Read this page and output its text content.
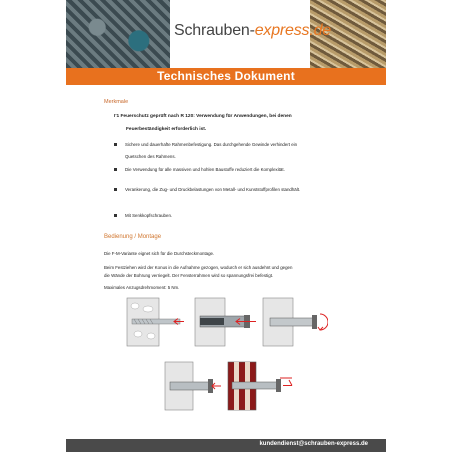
Schrauben-express.de
Technisches Dokument
Merkmale
I'1 Feuerschutz geprüft nach R 120: Verwendung für Anwendungen, bei denen
Feuerbeständigkeit erforderlich ist.
Sichere und dauerhafte Rahmenbefestigung. Das durchgehende Gewinde verhindert ein
Quetschen des Rahmens.
Die Verwendung für alle massiven und hohlen Baustoffe reduziert die Komplexität.
Verankerung, die Zug- und Druckbelastungen von Metall- und Kunststoffprofilen standhält.
Mit Senkkopfschrauben.
Bedienung / Montage
Die F-M-Variante eignet sich für die Durchsteckmontage.
Beim Festziehen wird der Konus in die Aufnahme gezogen, wodurch er sich ausdehnt und gegen
die Wände der Bohrung verriegelt. Der Fensterrahmen wird so spannungsfrei befestigt.
Maximales Anzugsdrehmoment: 5 Nm.
kundendienst@schrauben-express.de
